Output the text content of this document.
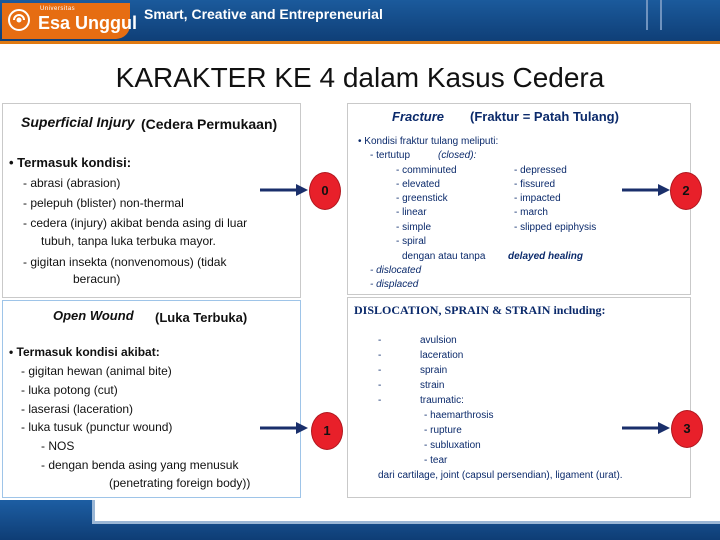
Universitas
Esa Unggul Smart, Creative and Entrepreneurial
KARAKTER KE 4 dalam Kasus Cedera
Superficial Injury (Cedera Permukaan)
• Termasuk kondisi:
- abrasi (abrasion)
- pelepuh (blister) non-thermal
- cedera (injury) akibat benda asing di luar
tubuh, tanpa luka terbuka mayor.
- gigitan insekta (nonvenomous) (tidak
beracun)
Open Wound (Luka Terbuka)
• Termasuk kondisi akibat:
- gigitan hewan (animal bite)
- luka potong (cut)
- laserasi (laceration)
- luka tusuk (punctur wound)
- NOS
- dengan benda asing yang menusuk
(penetrating foreign body))
Fracture (Fraktur = Patah Tulang)
• Kondisi fraktur tulang meliputi:
- tertutup	(closed):
- comminuted
- elevated
- greenstick
- linear
- simple
- spiral
- depressed
- fissured
- impacted
- march
- slipped epiphysis
dengan atau tanpa delayed healing
- dislocated
- displaced
DISLOCATION, SPRAIN & STRAIN including:
-
-
-
-
-
avulsion
laceration
sprain
strain
traumatic:
- haemarthrosis
- rupture
- subluxation
- tear
dari cartilage, joint (capsul persendian), ligament (urat).
0
1
2
3
